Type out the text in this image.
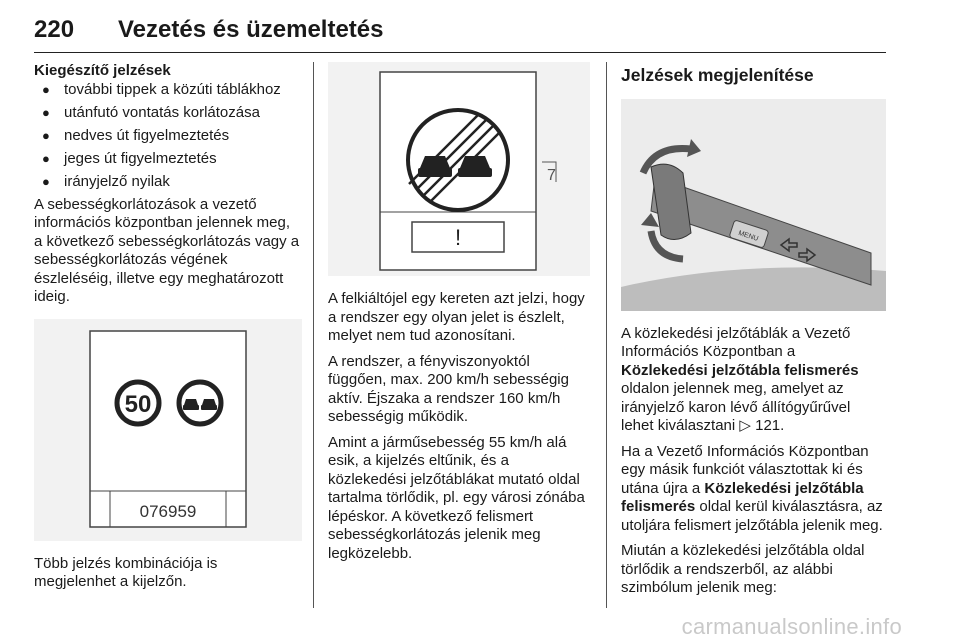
220 Vezetés és üzemeltetés
Kiegészítő jelzések
● további tippek a közúti táblákhoz
● utánfutó vontatás korlátozása
● nedves út figyelmeztetés
● jeges út figyelmeztetés
● irányjelző nyilak

A sebességkorlátozások a vezető információs központban jelennek meg, a következő sebességkorlátozás vagy a sebességkorlátozás végének észleléséig, illetve egy meghatározott ideig.

50
076959

Több jelzés kombinációja is megjelenhet a kijelzőn.

!
7

A felkiáltójel egy kereten azt jelzi, hogy a rendszer egy olyan jelet is észlelt, melyet nem tud azonosítani.

A rendszer, a fényviszonyoktól függően, max. 200 km/h sebességig aktív. Éjszaka a rendszer 160 km/h sebességig működik.

Amint a járműsebesség 55 km/h alá esik, a kijelzés eltűnik, és a közlekedési jelzőtáblákat mutató oldal tartalma törlődik, pl. egy városi zónába lépéskor. A következő felismert sebességkorlátozás jelenik meg legközelebb.

Jelzések megjelenítése
MENU

A közlekedési jelzőtáblák a Vezető Információs Központban a Közlekedési jelzőtábla felismerés oldalon jelennek meg, amelyet az irányjelző karon lévő állítógyűrűvel lehet kiválasztani ▷ 121.

Ha a Vezető Információs Központban egy másik funkciót választottak ki és utána újra a Közlekedési jelzőtábla felismerés oldal kerül kiválasztásra, az utoljára felismert jelzőtábla jelenik meg.

Miután a közlekedési jelzőtábla oldal törlődik a rendszerből, az alábbi szimbólum jelenik meg:

carmanualsonline.info
